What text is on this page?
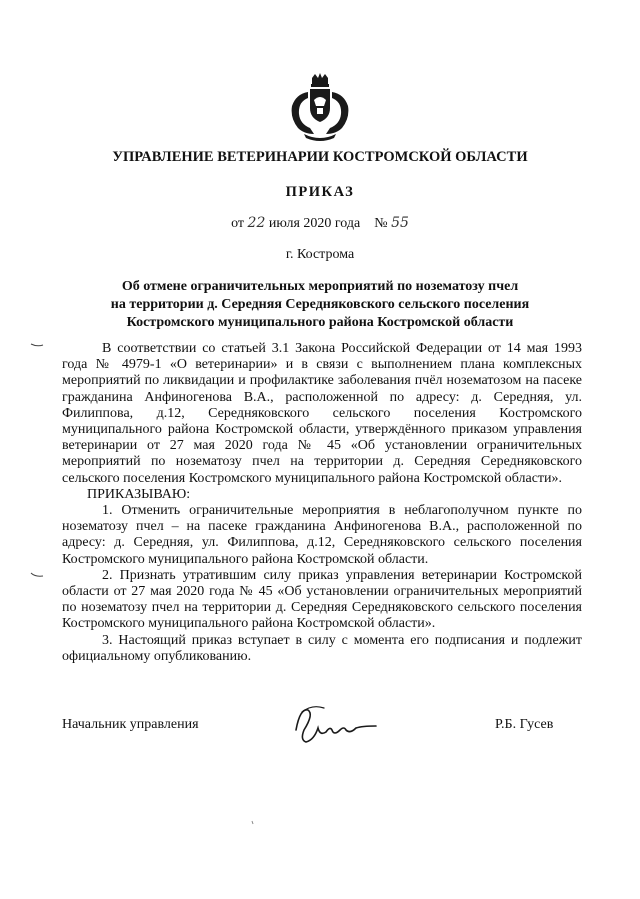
УПРАВЛЕНИЕ ВЕТЕРИНАРИИ КОСТРОМСКОЙ ОБЛАСТИ
ПРИКАЗ
от 22 июля 2020 года № 55
г. Кострома
Об отмене ограничительных мероприятий по нозематозу пчел
на территории д. Середняя Середняковского сельского поселения
Костромского муниципального района Костромской области

В соответствии со статьей 3.1 Закона Российской Федерации от 14 мая 1993 года № 4979-1 «О ветеринарии» и в связи с выполнением плана комплексных мероприятий по ликвидации и профилактике заболевания пчёл нозематозом на пасеке гражданина Анфиногенова В.А., расположенной по адресу: д. Середняя, ул. Филиппова, д.12, Середняковского сельского поселения Костромского муниципального района Костромской области, утверждённого приказом управления ветеринарии от 27 мая 2020 года № 45 «Об установлении ограничительных мероприятий по нозематозу пчел на территории д. Середняя Середняковского сельского поселения Костромского муниципального района Костромской области».

ПРИКАЗЫВАЮ:

1. Отменить ограничительные мероприятия в неблагополучном пункте по нозематозу пчел – на пасеке гражданина Анфиногенова В.А., расположенной по адресу: д. Середняя, ул. Филиппова, д.12, Середняковского сельского поселения Костромского муниципального района Костромской области.

2. Признать утратившим силу приказ управления ветеринарии Костромской области от 27 мая 2020 года № 45 «Об установлении ограничительных мероприятий по нозематозу пчел на территории д. Середняя Середняковского сельского поселения Костромского муниципального района Костромской области».

3. Настоящий приказ вступает в силу с момента его подписания и подлежит официальному опубликованию.

Начальник управления	Р.Б. Гусев
